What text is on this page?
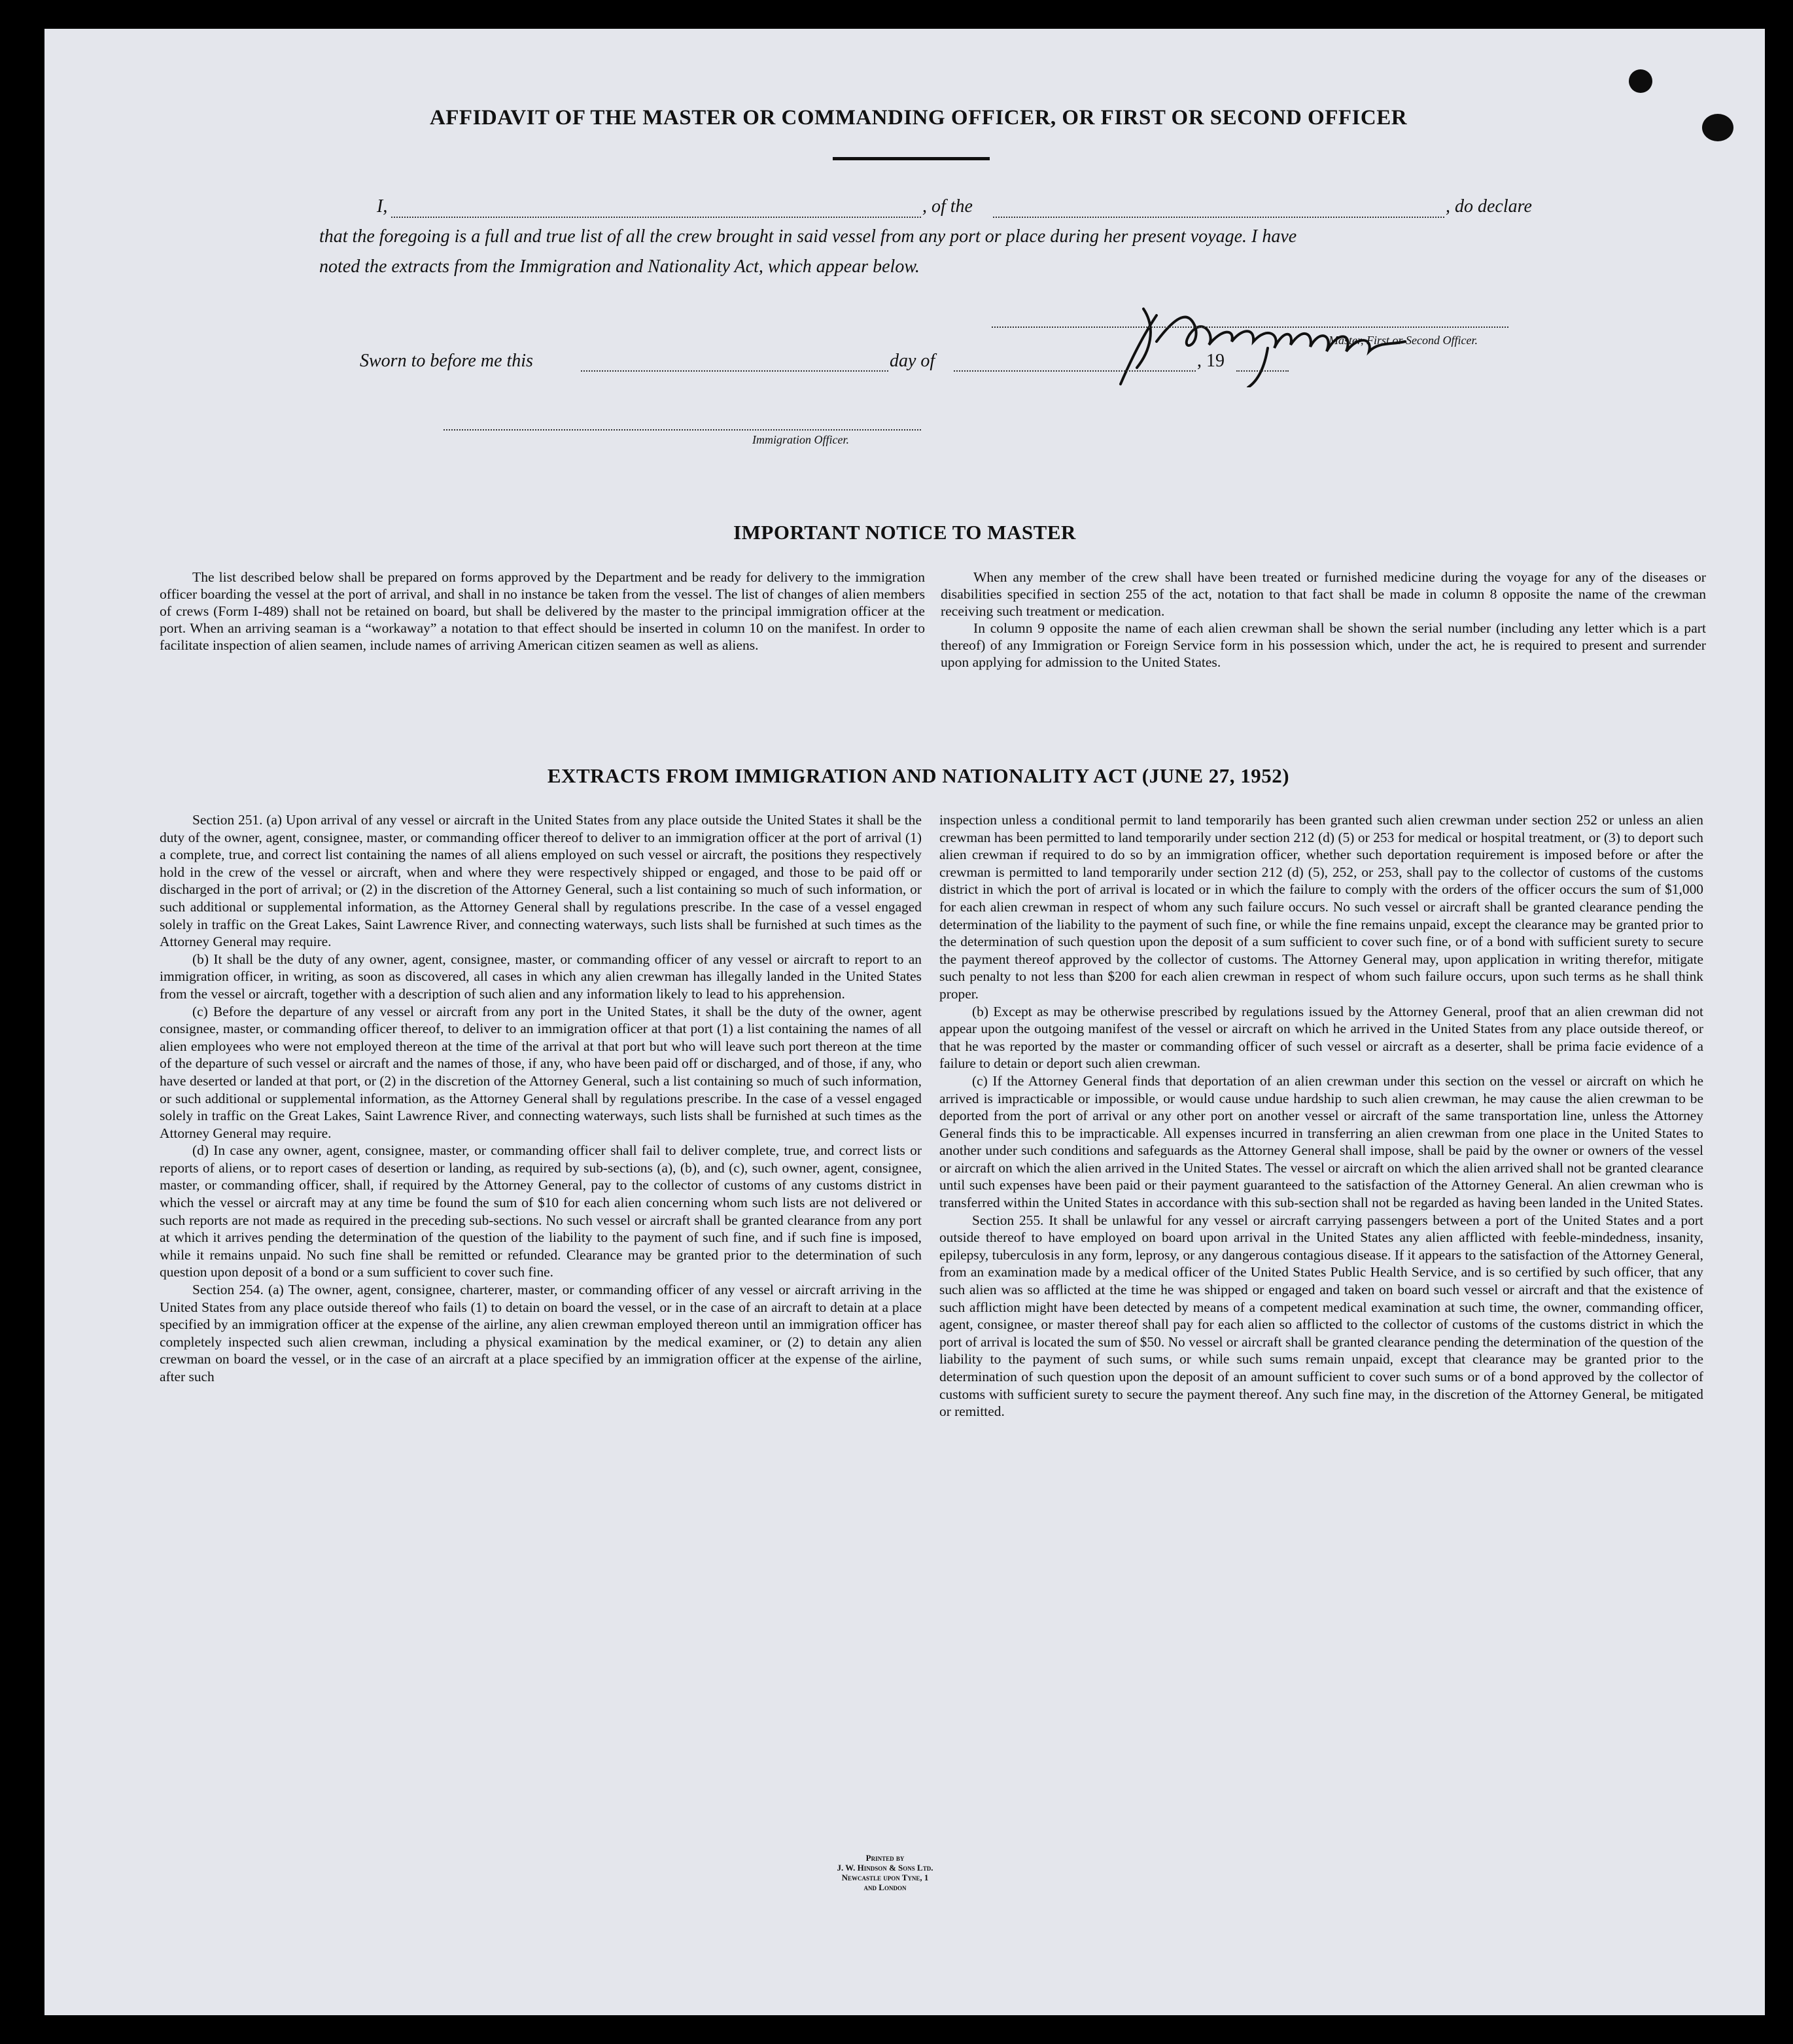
AFFIDAVIT OF THE MASTER OR COMMANDING OFFICER, OR FIRST OR SECOND OFFICER
I,	, of the	, do declare
that the foregoing is a full and true list of all the crew brought in said vessel from any port or place during her present voyage. I have
noted the extracts from the Immigration and Nationality Act, which appear below.
Master, First or Second Officer.
Sworn to before me this	day of	, 19
Immigration Officer.
IMPORTANT NOTICE TO MASTER

The list described below shall be prepared on forms approved by the Department and be ready for delivery to the immigration officer boarding the vessel at the port of arrival, and shall in no instance be taken from the vessel. The list of changes of alien members of crews (Form I-489) shall not be retained on board, but shall be delivered by the master to the principal immigration officer at the port. When an arriving seaman is a “workaway” a notation to that effect should be inserted in column 10 on the manifest. In order to facilitate inspection of alien seamen, include names of arriving American citizen seamen as well as aliens.

When any member of the crew shall have been treated or furnished medicine during the voyage for any of the diseases or disabilities specified in section 255 of the act, notation to that fact shall be made in column 8 opposite the name of the crewman receiving such treatment or medication.

In column 9 opposite the name of each alien crewman shall be shown the serial number (including any letter which is a part thereof) of any Immigration or Foreign Service form in his possession which, under the act, he is required to present and surrender upon applying for admission to the United States.

EXTRACTS FROM IMMIGRATION AND NATIONALITY ACT (JUNE 27, 1952)

Section 251. (a) Upon arrival of any vessel or aircraft in the United States from any place outside the United States it shall be the duty of the owner, agent, consignee, master, or commanding officer thereof to deliver to an immigration officer at the port of arrival (1) a complete, true, and correct list containing the names of all aliens employed on such vessel or aircraft, the positions they respectively hold in the crew of the vessel or aircraft, when and where they were respectively shipped or engaged, and those to be paid off or discharged in the port of arrival; or (2) in the discretion of the Attorney General, such a list containing so much of such information, or such additional or supplemental information, as the Attorney General shall by regulations prescribe. In the case of a vessel engaged solely in traffic on the Great Lakes, Saint Lawrence River, and connecting waterways, such lists shall be furnished at such times as the Attorney General may require.

(b) It shall be the duty of any owner, agent, consignee, master, or commanding officer of any vessel or aircraft to report to an immigration officer, in writing, as soon as discovered, all cases in which any alien crewman has illegally landed in the United States from the vessel or aircraft, together with a description of such alien and any information likely to lead to his apprehension.

(c) Before the departure of any vessel or aircraft from any port in the United States, it shall be the duty of the owner, agent consignee, master, or commanding officer thereof, to deliver to an immigration officer at that port (1) a list containing the names of all alien employees who were not employed thereon at the time of the arrival at that port but who will leave such port thereon at the time of the departure of such vessel or aircraft and the names of those, if any, who have been paid off or discharged, and of those, if any, who have deserted or landed at that port, or (2) in the discretion of the Attorney General, such a list containing so much of such information, or such additional or supplemental information, as the Attorney General shall by regulations prescribe. In the case of a vessel engaged solely in traffic on the Great Lakes, Saint Lawrence River, and connecting waterways, such lists shall be furnished at such times as the Attorney General may require.

(d) In case any owner, agent, consignee, master, or commanding officer shall fail to deliver complete, true, and correct lists or reports of aliens, or to report cases of desertion or landing, as required by sub-sections (a), (b), and (c), such owner, agent, consignee, master, or commanding officer, shall, if required by the Attorney General, pay to the collector of customs of any customs district in which the vessel or aircraft may at any time be found the sum of $10 for each alien concerning whom such lists are not delivered or such reports are not made as required in the preceding sub-sections. No such vessel or aircraft shall be granted clearance from any port at which it arrives pending the determination of the question of the liability to the payment of such fine, and if such fine is imposed, while it remains unpaid. No such fine shall be remitted or refunded. Clearance may be granted prior to the determination of such question upon deposit of a bond or a sum sufficient to cover such fine.

Section 254. (a) The owner, agent, consignee, charterer, master, or commanding officer of any vessel or aircraft arriving in the United States from any place outside thereof who fails (1) to detain on board the vessel, or in the case of an aircraft to detain at a place specified by an immigration officer at the expense of the airline, any alien crewman employed thereon until an immigration officer has completely inspected such alien crewman, including a physical examination by the medical examiner, or (2) to detain any alien crewman on board the vessel, or in the case of an aircraft at a place specified by an immigration officer at the expense of the airline, after such

inspection unless a conditional permit to land temporarily has been granted such alien crewman under section 252 or unless an alien crewman has been permitted to land temporarily under section 212 (d) (5) or 253 for medical or hospital treatment, or (3) to deport such alien crewman if required to do so by an immigration officer, whether such deportation requirement is imposed before or after the crewman is permitted to land temporarily under section 212 (d) (5), 252, or 253, shall pay to the collector of customs of the customs district in which the port of arrival is located or in which the failure to comply with the orders of the officer occurs the sum of $1,000 for each alien crewman in respect of whom any such failure occurs. No such vessel or aircraft shall be granted clearance pending the determination of the liability to the payment of such fine, or while the fine remains unpaid, except the clearance may be granted prior to the determination of such question upon the deposit of a sum sufficient to cover such fine, or of a bond with sufficient surety to secure the payment thereof approved by the collector of customs. The Attorney General may, upon application in writing therefor, mitigate such penalty to not less than $200 for each alien crewman in respect of whom such failure occurs, upon such terms as he shall think proper.

(b) Except as may be otherwise prescribed by regulations issued by the Attorney General, proof that an alien crewman did not appear upon the outgoing manifest of the vessel or aircraft on which he arrived in the United States from any place outside thereof, or that he was reported by the master or commanding officer of such vessel or aircraft as a deserter, shall be prima facie evidence of a failure to detain or deport such alien crewman.

(c) If the Attorney General finds that deportation of an alien crewman under this section on the vessel or aircraft on which he arrived is impracticable or impossible, or would cause undue hardship to such alien crewman, he may cause the alien crewman to be deported from the port of arrival or any other port on another vessel or aircraft of the same transportation line, unless the Attorney General finds this to be impracticable. All expenses incurred in transferring an alien crewman from one place in the United States to another under such conditions and safeguards as the Attorney General shall impose, shall be paid by the owner or owners of the vessel or aircraft on which the alien arrived in the United States. The vessel or aircraft on which the alien arrived shall not be granted clearance until such expenses have been paid or their payment guaranteed to the satisfaction of the Attorney General. An alien crewman who is transferred within the United States in accordance with this sub-section shall not be regarded as having been landed in the United States.

Section 255. It shall be unlawful for any vessel or aircraft carrying passengers between a port of the United States and a port outside thereof to have employed on board upon arrival in the United States any alien afflicted with feeble-mindedness, insanity, epilepsy, tuberculosis in any form, leprosy, or any dangerous contagious disease. If it appears to the satisfaction of the Attorney General, from an examination made by a medical officer of the United States Public Health Service, and is so certified by such officer, that any such alien was so afflicted at the time he was shipped or engaged and taken on board such vessel or aircraft and that the existence of such affliction might have been detected by means of a competent medical examination at such time, the owner, commanding officer, agent, consignee, or master thereof shall pay for each alien so afflicted to the collector of customs of the customs district in which the port of arrival is located the sum of $50. No vessel or aircraft shall be granted clearance pending the determination of the question of the liability to the payment of such sums, or while such sums remain unpaid, except that clearance may be granted prior to the determination of such question upon the deposit of an amount sufficient to cover such sums or of a bond approved by the collector of customs with sufficient surety to secure the payment thereof. Any such fine may, in the discretion of the Attorney General, be mitigated or remitted.

Printed by
J. W. Hindson & Sons Ltd.
Newcastle upon Tyne, 1
and London
